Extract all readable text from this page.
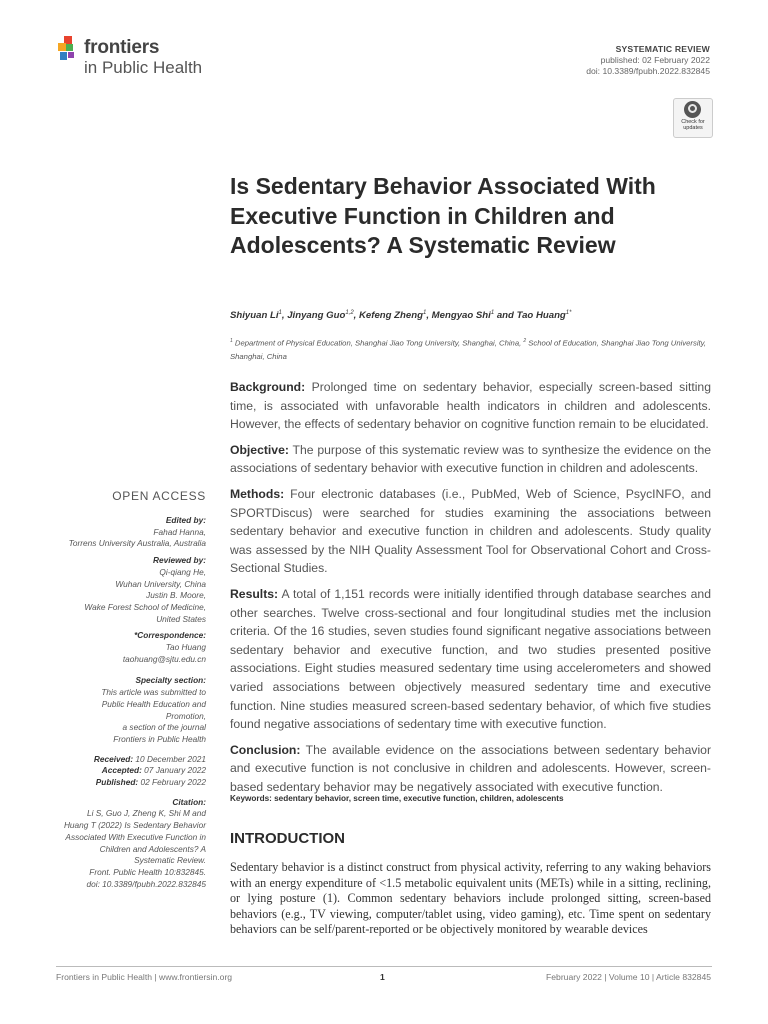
frontiers
in Public Health
SYSTEMATIC REVIEW
published: 02 February 2022
doi: 10.3389/fpubh.2022.832845
Check for updates
Is Sedentary Behavior Associated With Executive Function in Children and Adolescents? A Systematic Review
Shiyuan Li$^1$, Jinyang Guo$^{1,2}$, Kefeng Zheng$^1$, Mengyao Shi$^1$ and Tao Huang$^{1*}$
$^1$ Department of Physical Education, Shanghai Jiao Tong University, Shanghai, China, $^2$ School of Education, Shanghai Jiao Tong University, Shanghai, China

Background: Prolonged time on sedentary behavior, especially screen-based sitting time, is associated with unfavorable health indicators in children and adolescents. However, the effects of sedentary behavior on cognitive function remain to be elucidated.

Objective: The purpose of this systematic review was to synthesize the evidence on the associations of sedentary behavior with executive function in children and adolescents.

Methods: Four electronic databases (i.e., PubMed, Web of Science, PsycINFO, and SPORTDiscus) were searched for studies examining the associations between sedentary behavior and executive function in children and adolescents. Study quality was assessed by the NIH Quality Assessment Tool for Observational Cohort and Cross-Sectional Studies.

Results: A total of 1,151 records were initially identified through database searches and other searches. Twelve cross-sectional and four longitudinal studies met the inclusion criteria. Of the 16 studies, seven studies found significant negative associations between sedentary behavior and executive function, and two studies presented positive associations. Eight studies measured sedentary time using accelerometers and showed varied associations between objectively measured sedentary time and executive function. Nine studies measured screen-based sedentary behavior, of which five studies found negative associations of sedentary time with executive function.

Conclusion: The available evidence on the associations between sedentary behavior and executive function is not conclusive in children and adolescents. However, screen-based sedentary behavior may be negatively associated with executive function.

Keywords: sedentary behavior, screen time, executive function, children, adolescents
INTRODUCTION

Sedentary behavior is a distinct construct from physical activity, referring to any waking behaviors with an energy expenditure of <1.5 metabolic equivalent units (METs) while in a sitting, reclining, or lying posture (1). Common sedentary behaviors include prolonged sitting, screen-based behaviors (e.g., TV viewing, computer/tablet using, video gaming), etc. Time spent on sedentary behaviors can be self/parent-reported or be objectively monitored by wearable devices

OPEN ACCESS
Edited by:
Fahad Hanna,
Torrens University Australia, Australia
Reviewed by:
Qi-qiang He,
Wuhan University, China
Justin B. Moore,
Wake Forest School of Medicine,
United States
*Correspondence:
Tao Huang
taohuang@sjtu.edu.cn
Specialty section:
This article was submitted to
Public Health Education and
Promotion,
a section of the journal
Frontiers in Public Health
Received: 10 December 2021
Accepted: 07 January 2022
Published: 02 February 2022
Citation:
Li S, Guo J, Zheng K, Shi M and
Huang T (2022) Is Sedentary Behavior
Associated With Executive Function in
Children and Adolescents? A
Systematic Review.
Front. Public Health 10:832845.
doi: 10.3389/fpubh.2022.832845
Frontiers in Public Health | www.frontiersin.org	1	February 2022 | Volume 10 | Article 832845
